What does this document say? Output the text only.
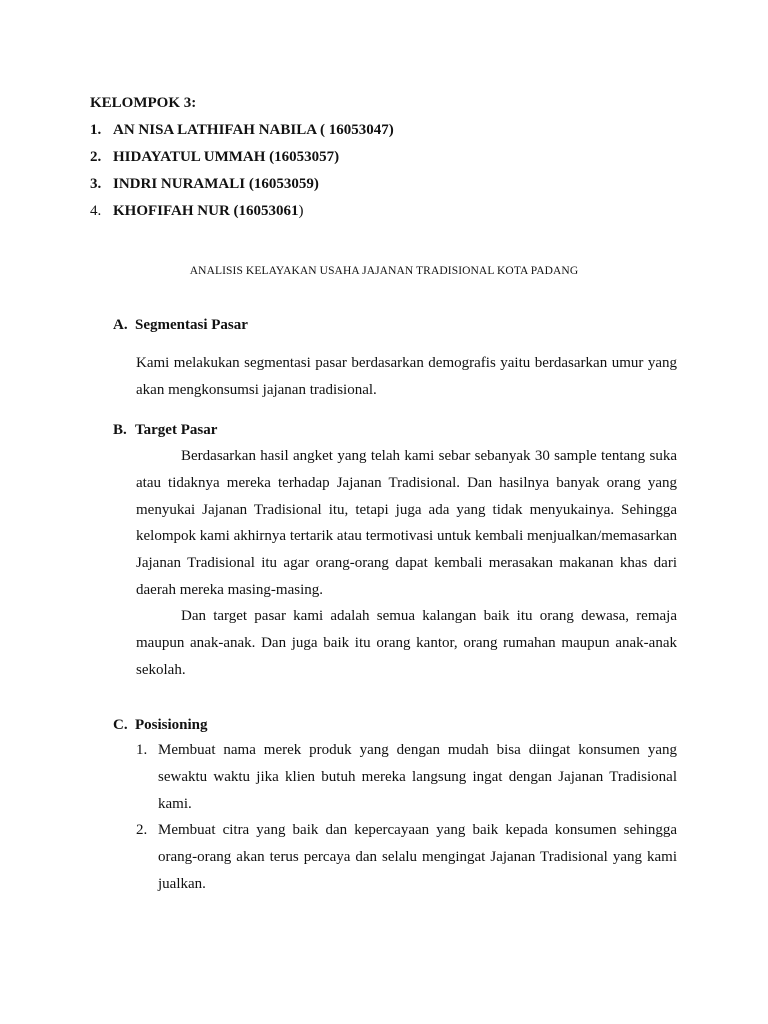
KELOMPOK 3:
1. AN NISA LATHIFAH NABILA ( 16053047)
2. HIDAYATUL UMMAH (16053057)
3. INDRI NURAMALI (16053059)
4. KHOFIFAH NUR (16053061)
ANALISIS KELAYAKAN USAHA JAJANAN TRADISIONAL KOTA PADANG
A. Segmentasi Pasar

Kami melakukan segmentasi pasar berdasarkan demografis yaitu berdasarkan umur yang akan mengkonsumsi jajanan tradisional.

B. Target Pasar

Berdasarkan hasil angket yang telah kami sebar sebanyak 30 sample tentang suka atau tidaknya mereka terhadap Jajanan Tradisional. Dan hasilnya banyak orang yang menyukai Jajanan Tradisional itu, tetapi juga ada yang tidak menyukainya. Sehingga kelompok kami akhirnya tertarik atau termotivasi untuk kembali menjualkan/memasarkan Jajanan Tradisional itu agar orang-orang dapat kembali merasakan makanan khas dari daerah mereka masing-masing.

Dan target pasar kami adalah semua kalangan baik itu orang dewasa, remaja maupun anak-anak. Dan juga baik itu orang kantor, orang rumahan maupun anak-anak sekolah.

C. Posisioning
1. Membuat nama merek produk yang dengan mudah bisa diingat konsumen yang sewaktu waktu jika klien butuh mereka langsung ingat dengan Jajanan Tradisional kami.
2. Membuat citra yang baik dan kepercayaan yang baik kepada konsumen sehingga orang-orang akan terus percaya dan selalu mengingat Jajanan Tradisional yang kami jualkan.
